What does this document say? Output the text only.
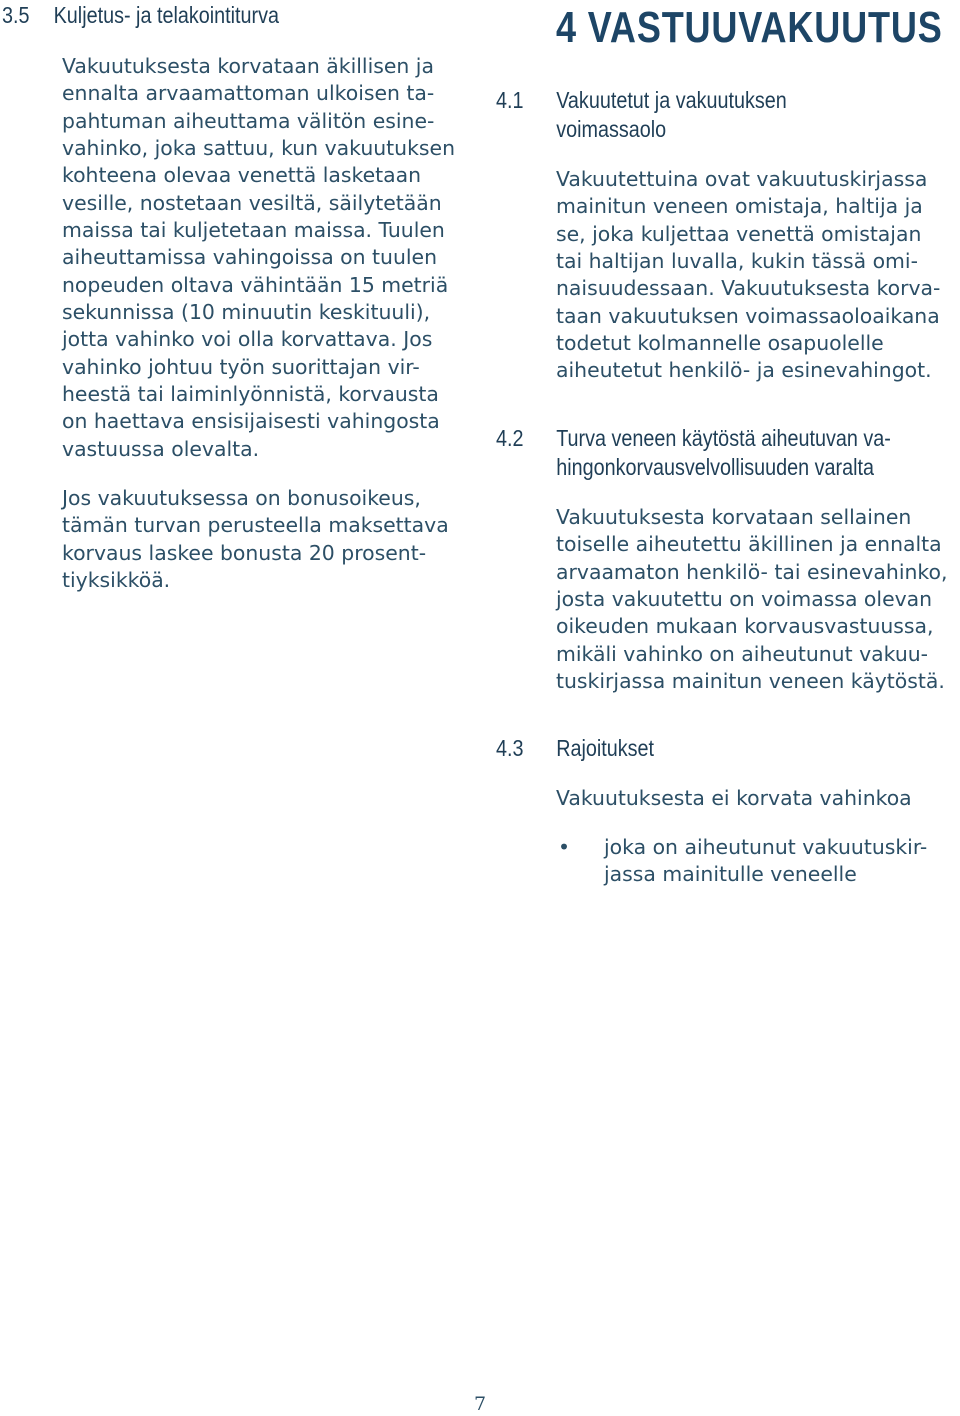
3.5	Kuljetus- ja telakointiturva

Vakuutuksesta korvataan äkillisen ja
ennalta arvaamattoman ulkoisen ta-
pahtuman aiheuttama välitön esine-
vahinko, joka sattuu, kun vakuutuksen
kohteena olevaa venettä lasketaan
vesille, nostetaan vesiltä, säilytetään
maissa tai kuljetetaan maissa. Tuulen
aiheuttamissa vahingoissa on tuulen
nopeuden oltava vähintään 15 metriä
sekunnissa (10 minuutin keskituuli),
jotta vahinko voi olla korvattava. Jos
vahinko johtuu työn suorittajan vir-
heestä tai laiminlyönnistä, korvausta
on haettava ensisijaisesti vahingosta
vastuussa olevalta.

Jos vakuutuksessa on bonusoikeus,
tämän turvan perusteella maksettava
korvaus laskee bonusta 20 prosent-
tiyksikköä.

4 VASTUUVAKUUTUS
4.1	Vakuutetut ja vakuutuksen
voimassaolo

Vakuutettuina ovat vakuutuskirjassa
mainitun veneen omistaja, haltija ja
se, joka kuljettaa venettä omistajan
tai haltijan luvalla, kukin tässä omi-
naisuudessaan. Vakuutuksesta korva-
taan vakuutuksen voimassaoloaikana
todetut kolmannelle osapuolelle
aiheutetut henkilö- ja esinevahingot.

4.2	Turva veneen käytöstä aiheutuvan va-
hingonkorvausvelvollisuuden varalta

Vakuutuksesta korvataan sellainen
toiselle aiheutettu äkillinen ja ennalta
arvaamaton henkilö- tai esinevahinko,
josta vakuutettu on voimassa olevan
oikeuden mukaan korvausvastuussa,
mikäli vahinko on aiheutunut vakuu-
tuskirjassa mainitun veneen käytöstä.

4.3	Rajoitukset

Vakuutuksesta ei korvata vahinkoa

•	joka on aiheutunut vakuutuskir-
jassa mainitulle veneelle
7
